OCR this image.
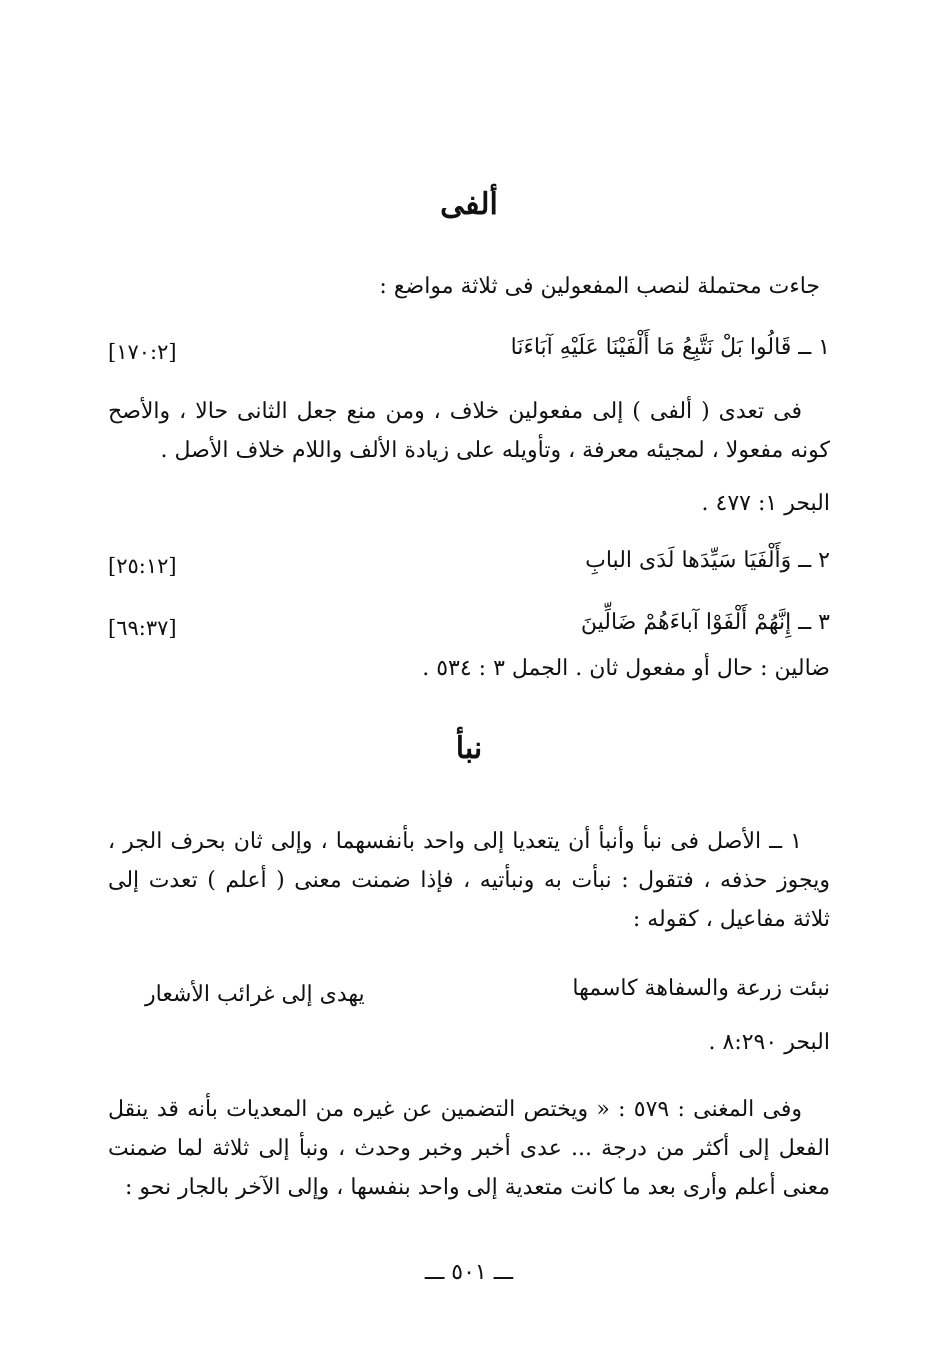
ألفى
جاءت محتملة لنصب المفعولين فى ثلاثة مواضع :
١ ــ قَالُوا بَلْ نَتَّبِعُ مَا أَلْفَيْنَا عَلَيْهِ آبَاءَنَا
[١٧٠:٢]

فى تعدى ( ألفى ) إلى مفعولين خلاف ، ومن منع جعل الثانى حالا ، والأصح كونه مفعولا ، لمجيئه معرفة ، وتأويله على زيادة الألف واللام خلاف الأصل .

البحر ١: ٤٧٧ .
٢ ــ وَأَلْفَيَا سَيِّدَها لَدَى البابِ
[٢٥:١٢]
٣ ــ إِنَّهُمْ أَلْفَوْا آباءَهُمْ ضَالِّينَ
[٦٩:٣٧]
ضالين : حال أو مفعول ثان . الجمل ٣ : ٥٣٤ .
نبأ

١ ــ الأصل فى نبأ وأنبأ أن يتعديا إلى واحد بأنفسهما ، وإلى ثان بحرف الجر ، ويجوز حذفه ، فتقول : نبأت به ونبأتيه ، فإذا ضمنت معنى ( أعلم ) تعدت إلى ثلاثة مفاعيل ، كقوله :

نبئت زرعة والسفاهة كاسمها
يهدى إلى غرائب الأشعار
البحر ٨:٢٩٠ .

وفى المغنى : ٥٧٩ : « ويختص التضمين عن غيره من المعديات بأنه قد ينقل الفعل إلى أكثر من درجة ... عدى أخبر وخبر وحدث ، ونبأ إلى ثلاثة لما ضمنت معنى أعلم وأرى بعد ما كانت متعدية إلى واحد بنفسها ، وإلى الآخر بالجار نحو :

ـــ ٥٠١ ـــ
